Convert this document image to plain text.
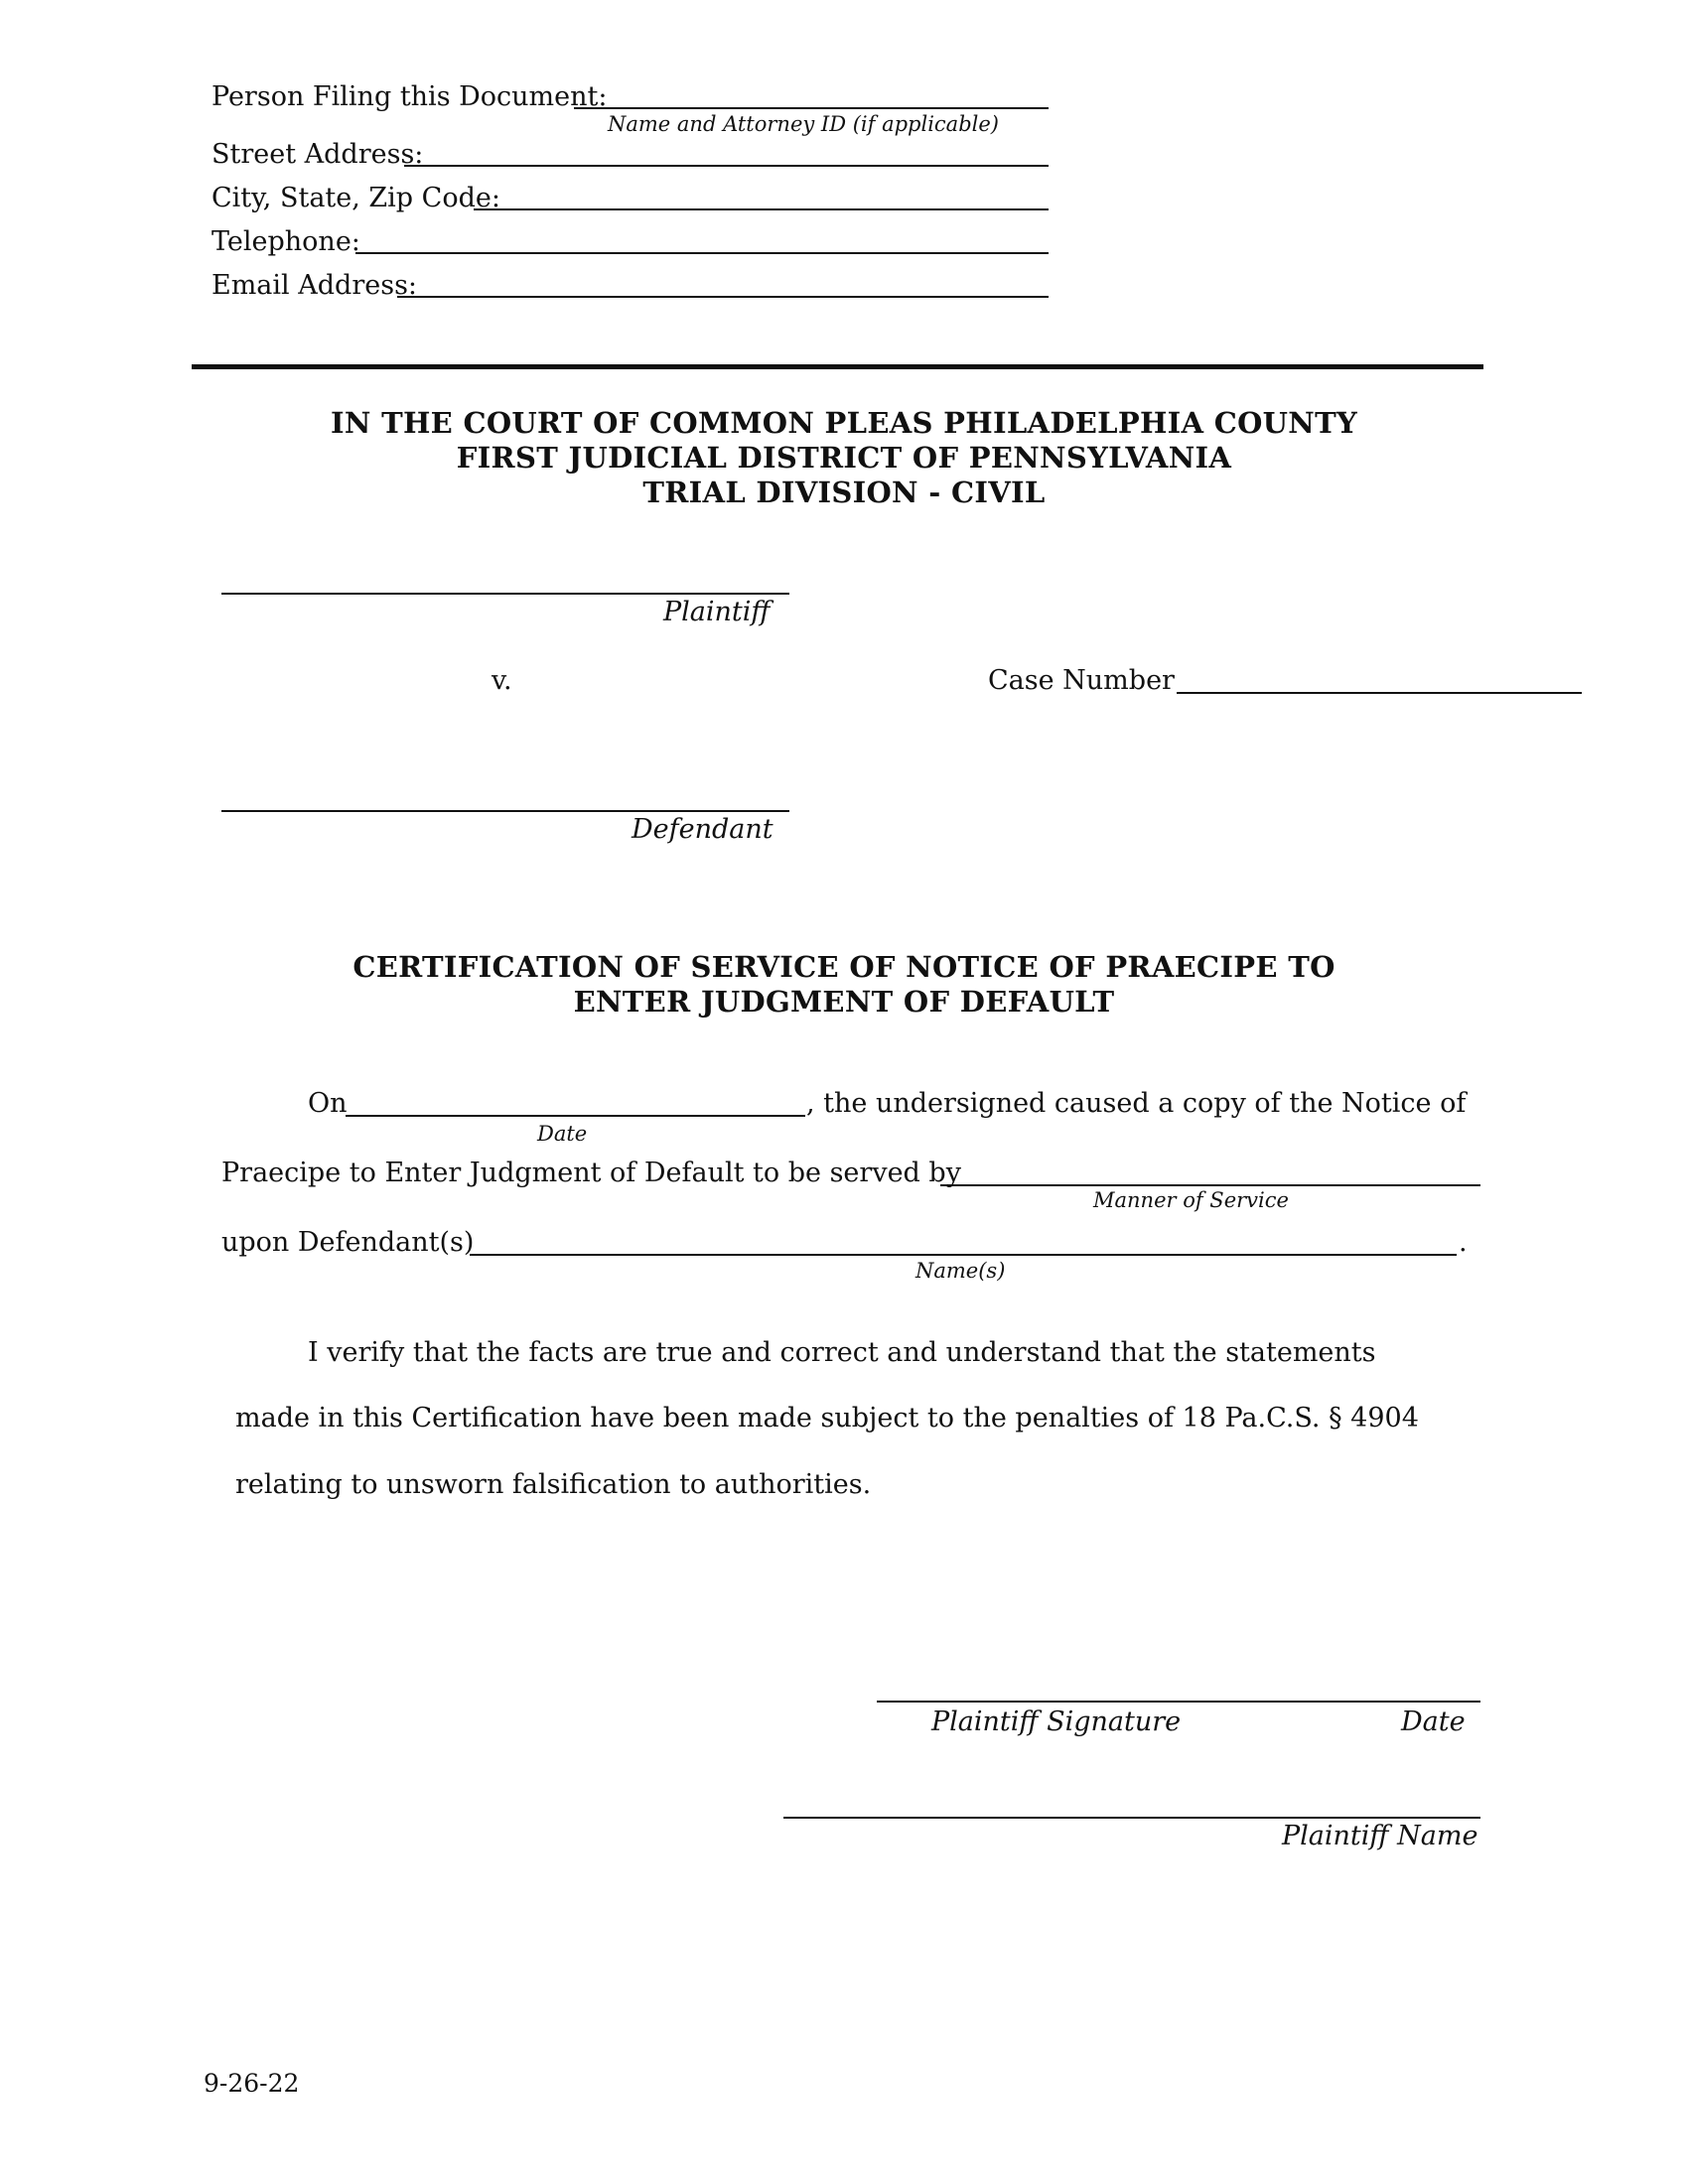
Person Filing this Document:
Name and Attorney ID (if applicable)
Street Address:
City, State, Zip Code:
Telephone:
Email Address:
IN THE COURT OF COMMON PLEAS PHILADELPHIA COUNTY
FIRST JUDICIAL DISTRICT OF PENNSYLVANIA
TRIAL DIVISION - CIVIL
Plaintiff
v.	Case Number
Defendant
CERTIFICATION OF SERVICE OF NOTICE OF PRAECIPE TO
ENTER JUDGMENT OF DEFAULT
On	, the undersigned caused a copy of the Notice of
Date
Praecipe to Enter Judgment of Default to be served by
Manner of Service
upon Defendant(s)	.
Name(s)
I verify that the facts are true and correct and understand that the statements
made in this Certification have been made subject to the penalties of 18 Pa.C.S. § 4904
relating to unsworn falsification to authorities.
Plaintiff Signature	Date
Plaintiff Name
9-26-22
